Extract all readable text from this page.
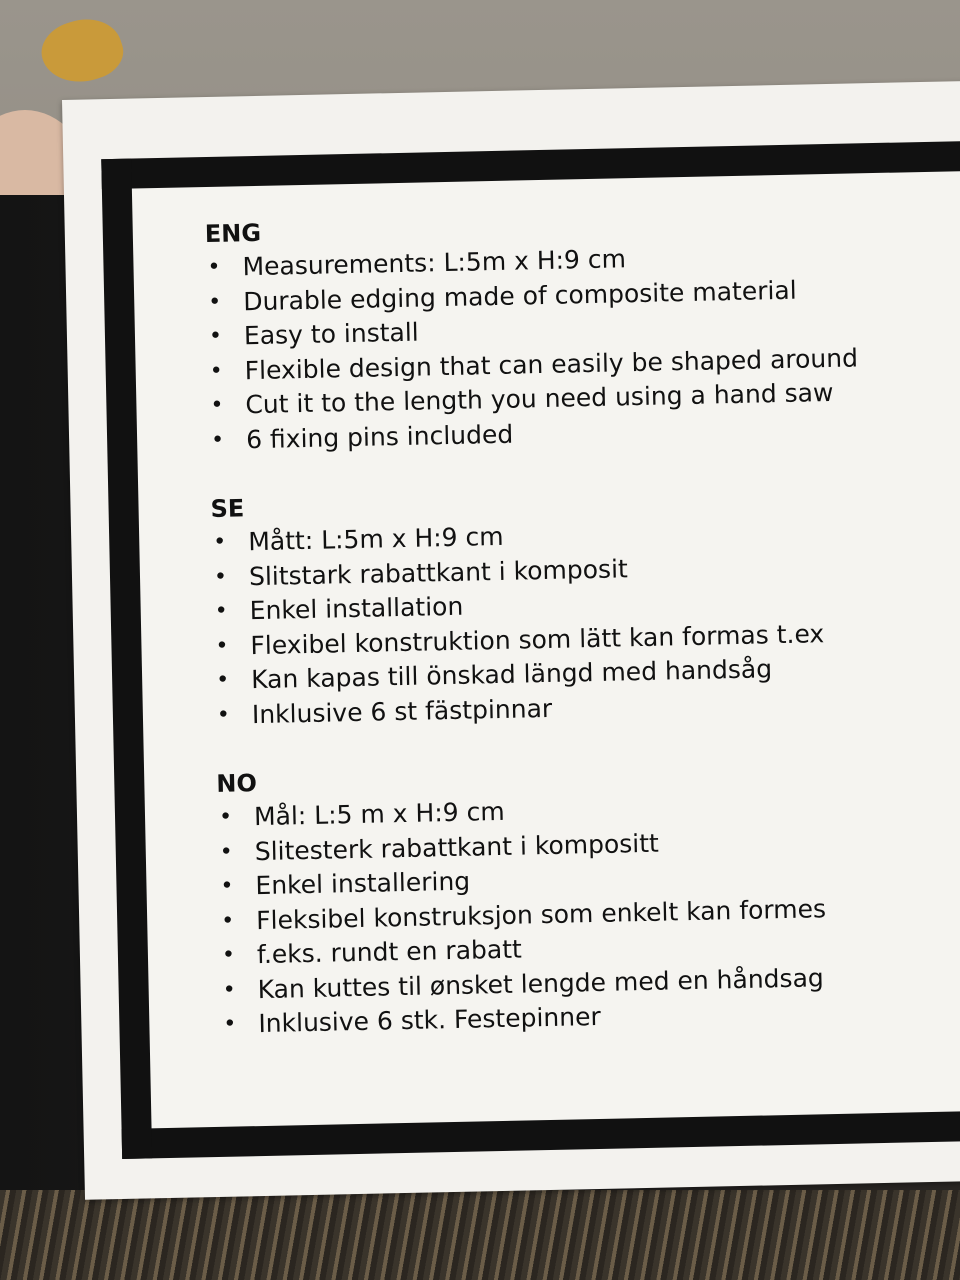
ENG
• Measurements: L:5m x H:9 cm
• Durable edging made of composite material
• Easy to install
• Flexible design that can easily be shaped around
• Cut it to the length you need using a hand saw
• 6 fixing pins included
SE
• Mått: L:5m x H:9 cm
• Slitstark rabattkant i komposit
• Enkel installation
• Flexibel konstruktion som lätt kan formas t.ex
• Kan kapas till önskad längd med handsåg
• Inklusive 6 st fästpinnar
NO
• Mål: L:5 m x H:9 cm
• Slitesterk rabattkant i kompositt
• Enkel installering
• Fleksibel konstruksjon som enkelt kan formes
• f.eks. rundt en rabatt
• Kan kuttes til ønsket lengde med en håndsag
• Inklusive 6 stk. Festepinner
